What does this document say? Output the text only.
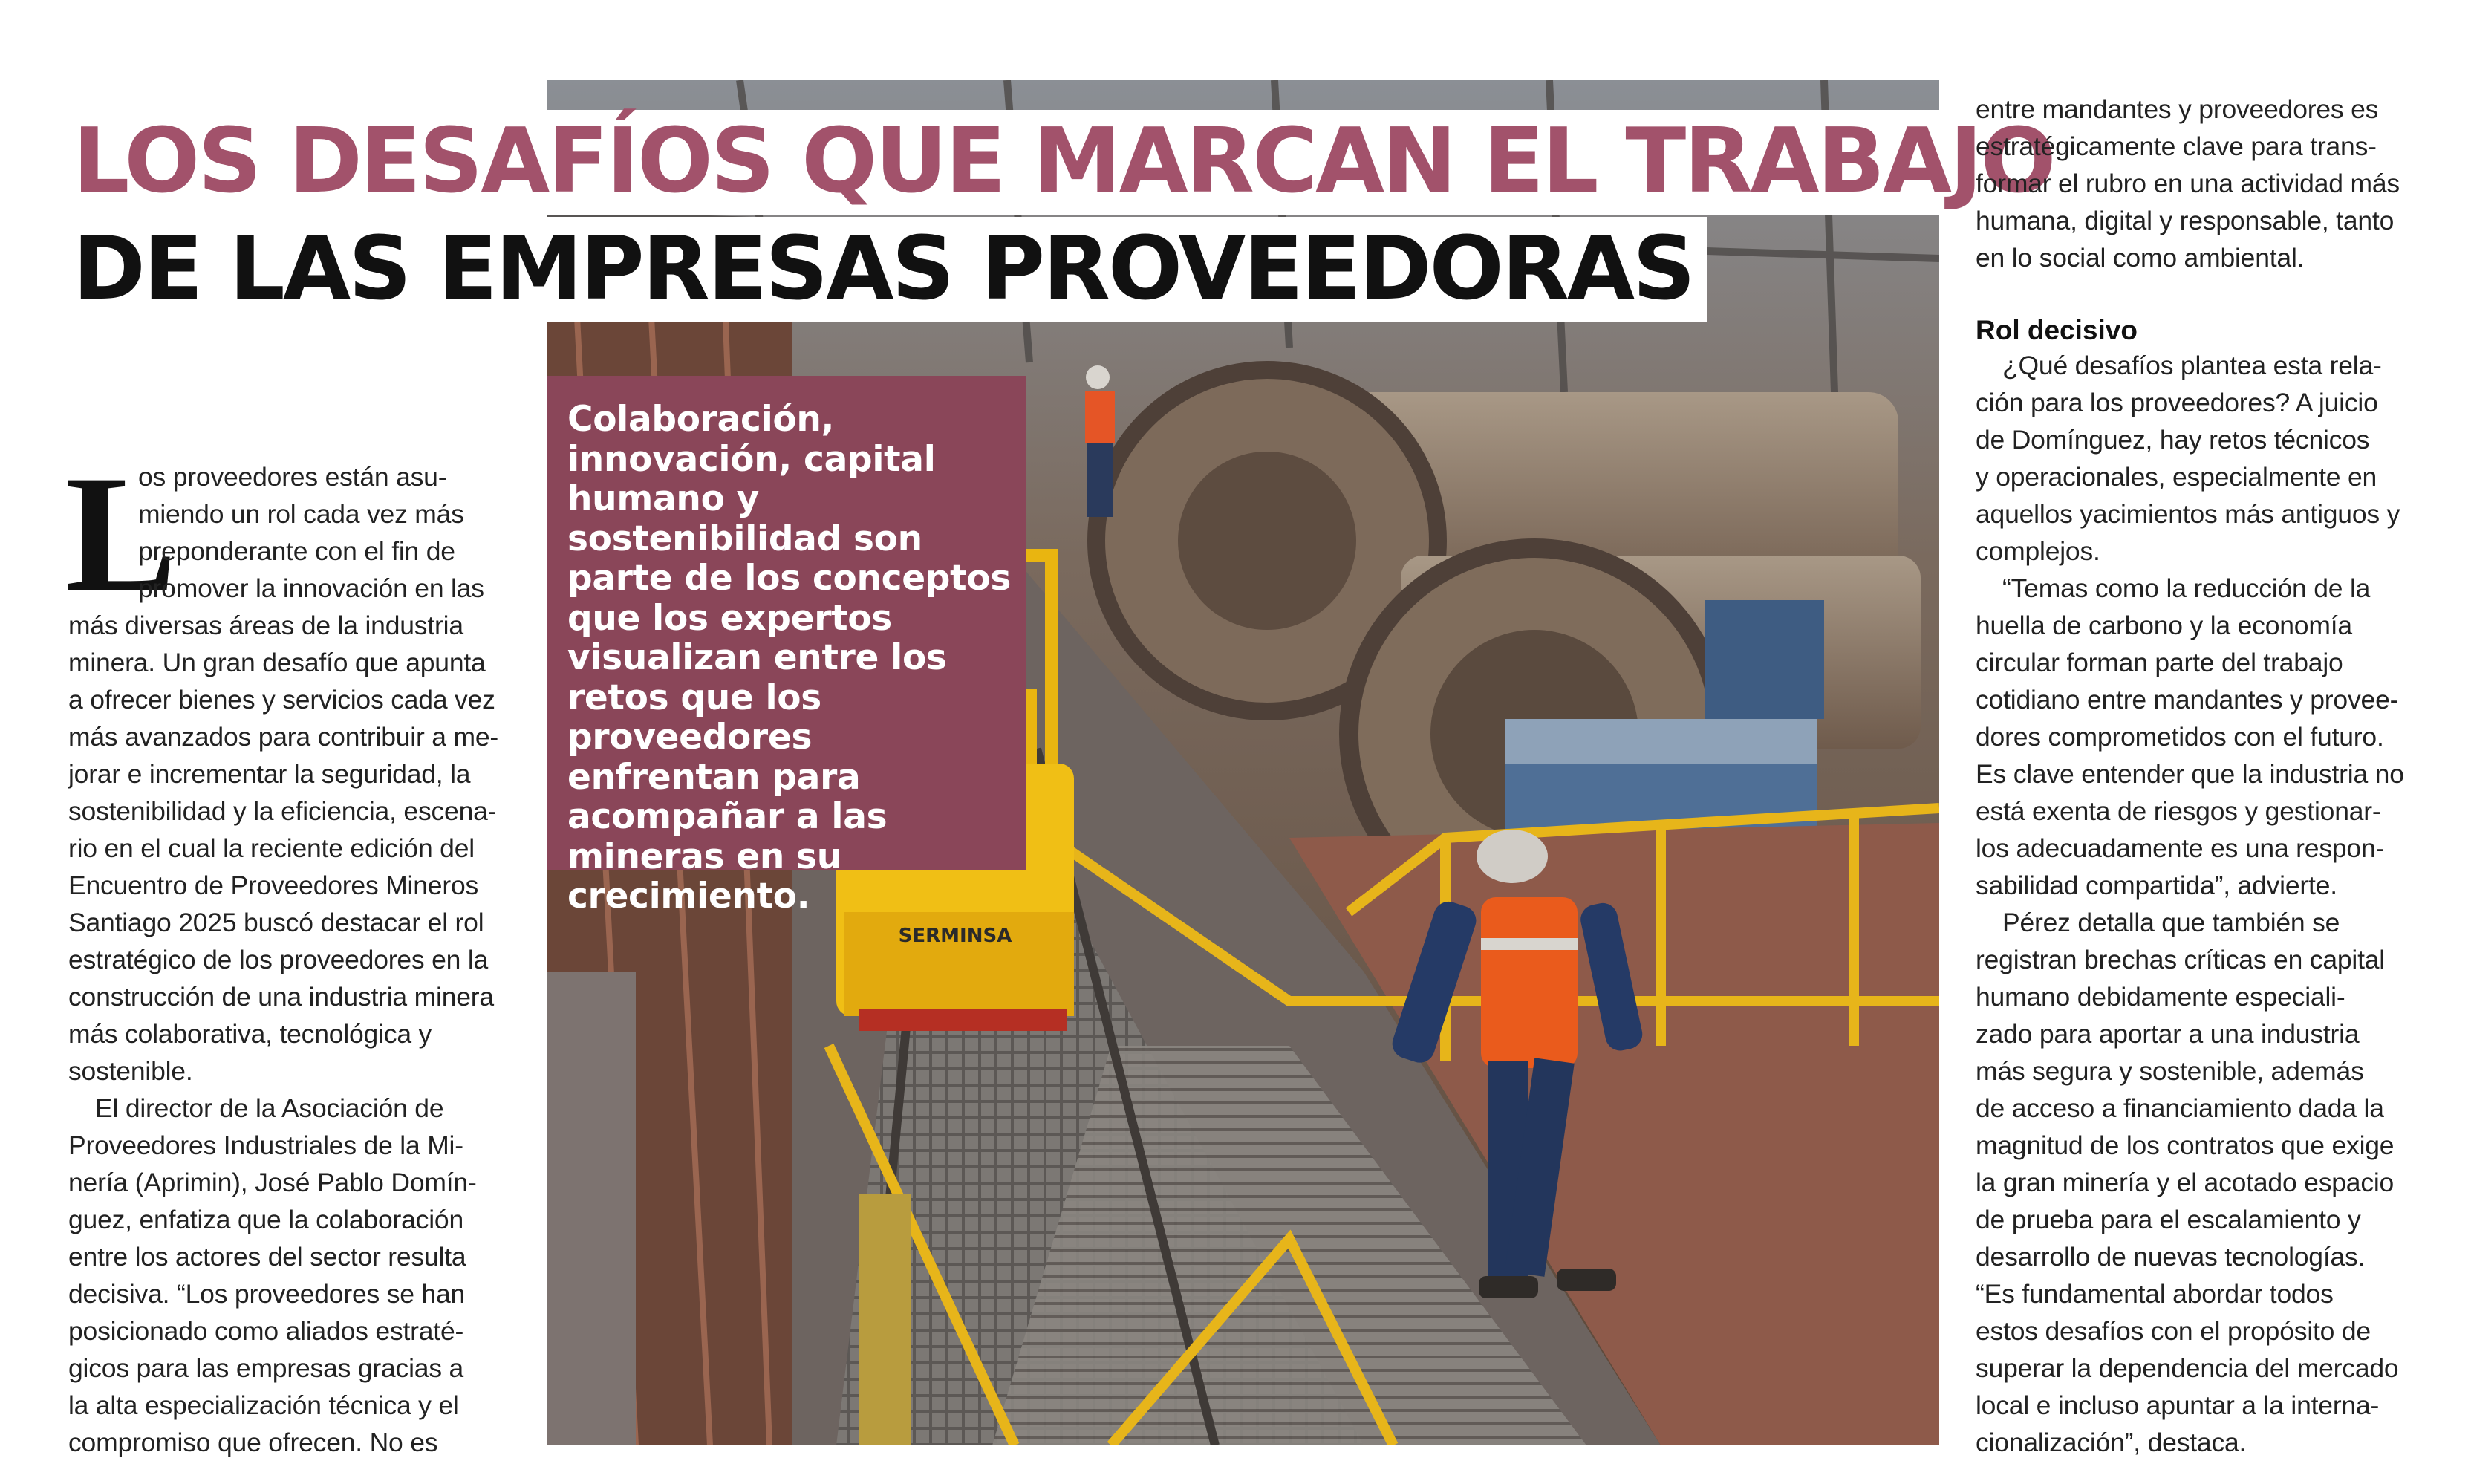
SERMINSA
LOS DESAFÍOS QUE MARCAN EL TRABAJO
DE LAS EMPRESAS PROVEEDORAS

Colaboración, innovación, capital humano y sostenibilidad son parte de los conceptos que los expertos visualizan entre los retos que los proveedores enfrentan para acompañar a las mineras en su crecimiento.

L
os proveedores están asu-
miendo un rol cada vez más
preponderante con el fin de
promover la innovación en las
más diversas áreas de la industria
minera. Un gran desafío que apunta
a ofrecer bienes y servicios cada vez
más avanzados para contribuir a me-
jorar e incrementar la seguridad, la
sostenibilidad y la eficiencia, escena-
rio en el cual la reciente edición del
Encuentro de Proveedores Mineros
Santiago 2025 buscó destacar el rol
estratégico de los proveedores en la
construcción de una industria minera
más colaborativa, tecnológica y
sostenible.
El director de la Asociación de
Proveedores Industriales de la Mi-
nería (Aprimin), José Pablo Domín-
guez, enfatiza que la colaboración
entre los actores del sector resulta
decisiva. “Los proveedores se han
posicionado como aliados estraté-
gicos para las empresas gracias a
la alta especialización técnica y el
compromiso que ofrecen. No es
entre mandantes y proveedores es
estratégicamente clave para trans-
formar el rubro en una actividad más
humana, digital y responsable, tanto
en lo social como ambiental.
Rol decisivo
¿Qué desafíos plantea esta rela-
ción para los proveedores? A juicio
de Domínguez, hay retos técnicos
y operacionales, especialmente en
aquellos yacimientos más antiguos y
complejos.
“Temas como la reducción de la
huella de carbono y la economía
circular forman parte del trabajo
cotidiano entre mandantes y provee-
dores comprometidos con el futuro.
Es clave entender que la industria no
está exenta de riesgos y gestionar-
los adecuadamente es una respon-
sabilidad compartida”, advierte.
Pérez detalla que también se
registran brechas críticas en capital
humano debidamente especiali-
zado para aportar a una industria
más segura y sostenible, además
de acceso a financiamiento dada la
magnitud de los contratos que exige
la gran minería y el acotado espacio
de prueba para el escalamiento y
desarrollo de nuevas tecnologías.
“Es fundamental abordar todos
estos desafíos con el propósito de
superar la dependencia del mercado
local e incluso apuntar a la interna-
cionalización”, destaca.
